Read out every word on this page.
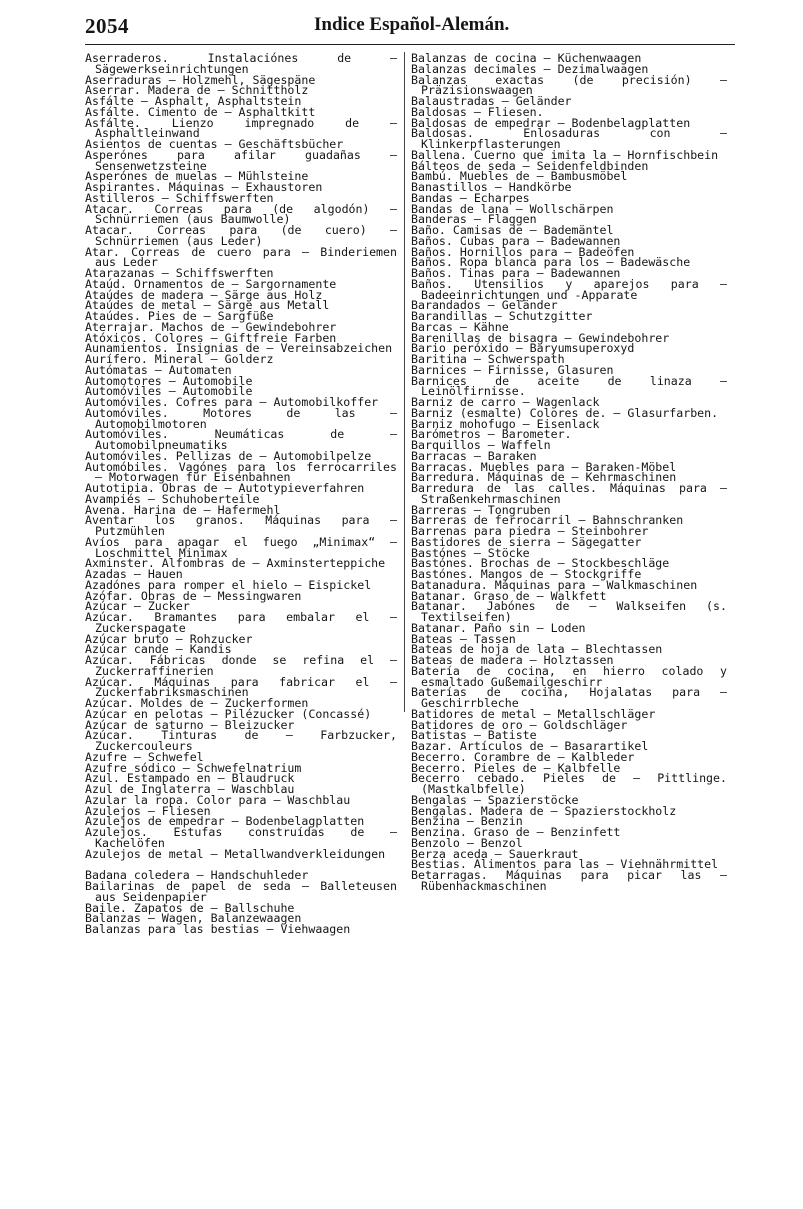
2054	Indice Español-Alemán.

Aserraderos. Instalaciónes de — Sägewerkseinrichtungen

Aserraduras — Holzmehl, Sägespäne

Aserrar. Madera de — Schnittholz

Asfálte — Asphalt, Asphaltstein

Asfálte. Cimento de — Asphaltkitt

Asfálte. Lienzo impregnado de — Asphaltleinwand

Asientos de cuentas — Geschäftsbücher

Asperónes para afilar guadañas — Sensenwetzsteine

Asperónes de muelas — Mühlsteine

Aspirantes. Máquinas — Exhaustoren

Astilleros — Schiffswerften

Atacar. Correas para (de algodón) — Schnürriemen (aus Baumwolle)

Atacar. Correas para (de cuero) — Schnürriemen (aus Leder)

Atar. Correas de cuero para — Binderiemen aus Leder

Atarazanas — Schiffswerften

Ataúd. Ornamentos de — Sargornamente

Ataúdes de madera — Särge aus Holz

Ataúdes de metal — Särge aus Metall

Ataúdes. Pies de — Sargfüße

Aterrajar. Machos de — Gewindebohrer

Atóxicos. Colores — Giftfreie Farben

Aunamientos. Insignias de — Vereinsabzeichen

Aurífero. Mineral — Golderz

Autómatas — Automaten

Automotores — Automobile

Automóviles — Automobile

Automóviles. Cofres para — Automobilkoffer

Automóviles. Motores de las — Automobilmotoren

Automóviles. Neumáticas de — Automobilpneumatiks

Automóviles. Pellizas de — Automobilpelze

Automóbiles. Vagónes para los ferrocarriles — Motorwagen für Eisenbahnen

Autotipia. Obras de — Autotypieverfahren

Avampiés — Schuhoberteile

Avena. Harina de — Hafermehl

Aventar los granos. Máquinas para — Putzmühlen

Avíos para apagar el fuego „Minimax“ — Loschmittel Minimax

Axminster. Alfombras de — Axminsterteppiche

Azadas — Hauen

Azadónes para romper el hielo — Eispickel

Azófar. Obras de — Messingwaren

Azúcar — Zucker

Azúcar. Bramantes para embalar el — Zuckerspagate

Azúcar bruto — Rohzucker

Azúcar cande — Kandis

Azúcar. Fábricas donde se refina el — Zuckerraffinerien

Azúcar. Máquinas para fabricar el — Zuckerfabriksmaschinen

Azúcar. Moldes de — Zuckerformen

Azúcar en pelotas — Pilézucker (Concassé)

Azúcar de saturno — Bleizucker

Azúcar. Tinturas de — Farbzucker, Zuckercouleurs

Azufre — Schwefel

Azufre sódico — Schwefelnatrium

Azul. Estampado en — Blaudruck

Azul de Inglaterra — Waschblau

Azular la ropa. Color para — Waschblau

Azulejos — Fliesen

Azulejos de empedrar — Bodenbelagplatten

Azulejos. Estufas construídas de — Kachelöfen

Azulejos de metal — Metallwandverkleidungen

Badana coledera — Handschuhleder

Bailarinas de papel de seda — Balleteusen aus Seidenpapier

Baile. Zapatos de — Ballschuhe

Balanzas — Wagen, Balanzewaagen

Balanzas para las bestias — Viehwaagen

Balanzas de cocina — Küchenwaagen

Balanzas decimales — Dezimalwaagen

Balanzas exactas (de precisión) — Präzisionswaagen

Balaustradas — Geländer

Baldosas — Fliesen.

Baldosas de empedrar — Bodenbelagplatten

Baldosas. Enlosaduras con — Klinkerpflasterungen

Ballena. Cuerno que imita la — Hornfischbein

Bálteos de seda — Seidenfeldbinden

Bambú. Muebles de — Bambusmöbel

Banastillos — Handkörbe

Bandas — Echarpes

Bandas de lana — Wollschärpen

Banderas — Flaggen

Baño. Camisas de — Bademäntel

Baños. Cubas para — Badewannen

Baños. Hornillos para — Badeöfen

Baños. Ropa blanca para los — Badewäsche

Baños. Tinas para — Badewannen

Baños. Utensilios y aparejos para — Badeeinrichtungen und -Apparate

Barandados — Geländer

Barandillas — Schutzgitter

Barcas — Kähne

Barenillas de bisagra — Gewindebohrer

Bario peróxido — Baryumsuperoxyd

Baritina — Schwerspath

Barnices — Firnisse, Glasuren

Barnices de aceite de linaza — Leinölfirnisse.

Barniz de carro — Wagenlack

Barniz (esmalte) Colores de. — Glasurfarben.

Barniz mohofugo — Eisenlack

Barómetros — Barometer.

Barquillos — Waffeln

Barracas — Baraken

Barracas. Muebles para — Baraken-Möbel

Barredura. Máquinas de — Kehrmaschinen

Barredura de las calles. Máquinas para — Straßenkehrmaschinen

Barreras — Tongruben

Barreras de ferrocarril — Bahnschranken

Barrenas para piedra — Steinbohrer

Bastidores de sierra — Sägegatter

Bastónes — Stöcke

Bastónes. Brochas de — Stockbeschläge

Bastónes. Mangos de — Stockgriffe

Batanadura. Máquinas para — Walkmaschinen

Batanar. Graso de — Walkfett

Batanar. Jabónes de — Walkseifen (s. Textilseifen)

Batanar. Paño sin — Loden

Bateas — Tassen

Bateas de hoja de lata — Blechtassen

Bateas de madera — Holztassen

Batería de cocina, en hierro colado y esmaltado Gußemailgeschirr

Baterías de cocina, Hojalatas para — Geschirrbleche

Batidores de metal — Metallschläger

Batidores de oro — Goldschläger

Batistas — Batiste

Bazar. Artículos de — Basarartikel

Becerro. Corambre de — Kalbleder

Becerro. Pieles de — Kalbfelle

Becerro cebado. Pieles de — Pittlinge. (Mastkalbfelle)

Bengalas — Spazierstöcke

Bengalas. Madera de — Spazierstockholz

Benzina — Benzin

Benzina. Graso de — Benzinfett

Benzolo — Benzol

Berza aceda — Sauerkraut

Bestias. Alimentos para las — Viehnährmittel

Betarragas. Máquinas para picar las — Rübenhackmaschinen
